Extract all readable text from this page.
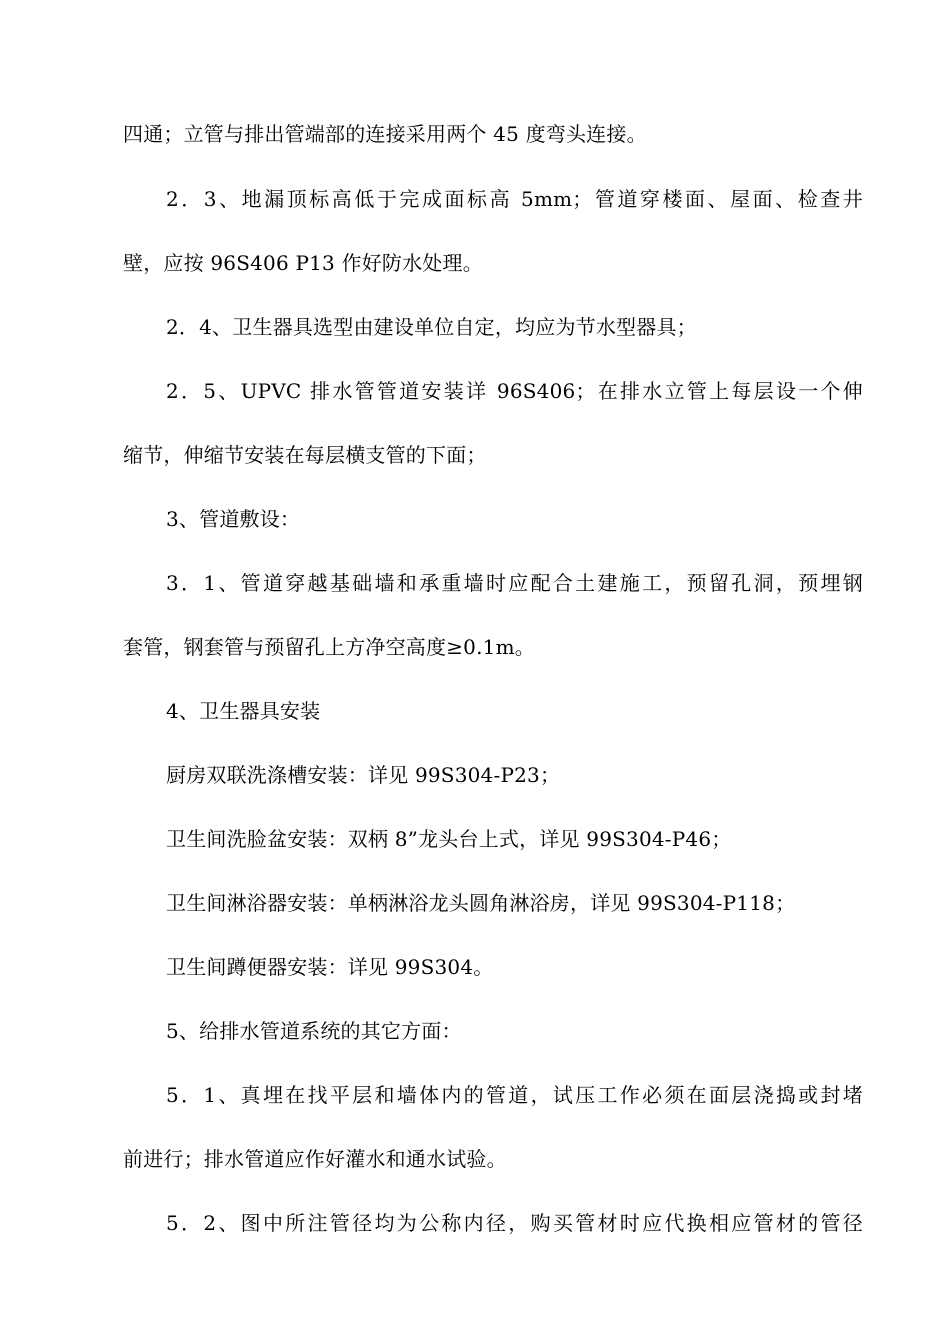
四通；立管与排出管端部的连接采用两个 45 度弯头连接。
2．3、地漏顶标高低于完成面标高 5mm；管道穿楼面、屋面、检查井
壁，应按 96S406 P13 作好防水处理。
2．4、卫生器具选型由建设单位自定，均应为节水型器具；
2．5、UPVC 排水管管道安装详 96S406；在排水立管上每层设一个伸
缩节，伸缩节安装在每层横支管的下面；
3、管道敷设：
3．1、管道穿越基础墙和承重墙时应配合土建施工，预留孔洞，预埋钢
套管，钢套管与预留孔上方净空高度≥0.1m。
4、卫生器具安装
厨房双联洗涤槽安装：详见 99S304-P23；
卫生间洗脸盆安装：双柄 8”龙头台上式，详见 99S304-P46；
卫生间淋浴器安装：单柄淋浴龙头圆角淋浴房，详见 99S304-P118；
卫生间蹲便器安装：详见 99S304。
5、给排水管道系统的其它方面：
5．1、真埋在找平层和墙体内的管道，试压工作必须在面层浇捣或封堵
前进行；排水管道应作好灌水和通水试验。
5．2、图中所注管径均为公称内径，购买管材时应代换相应管材的管径
